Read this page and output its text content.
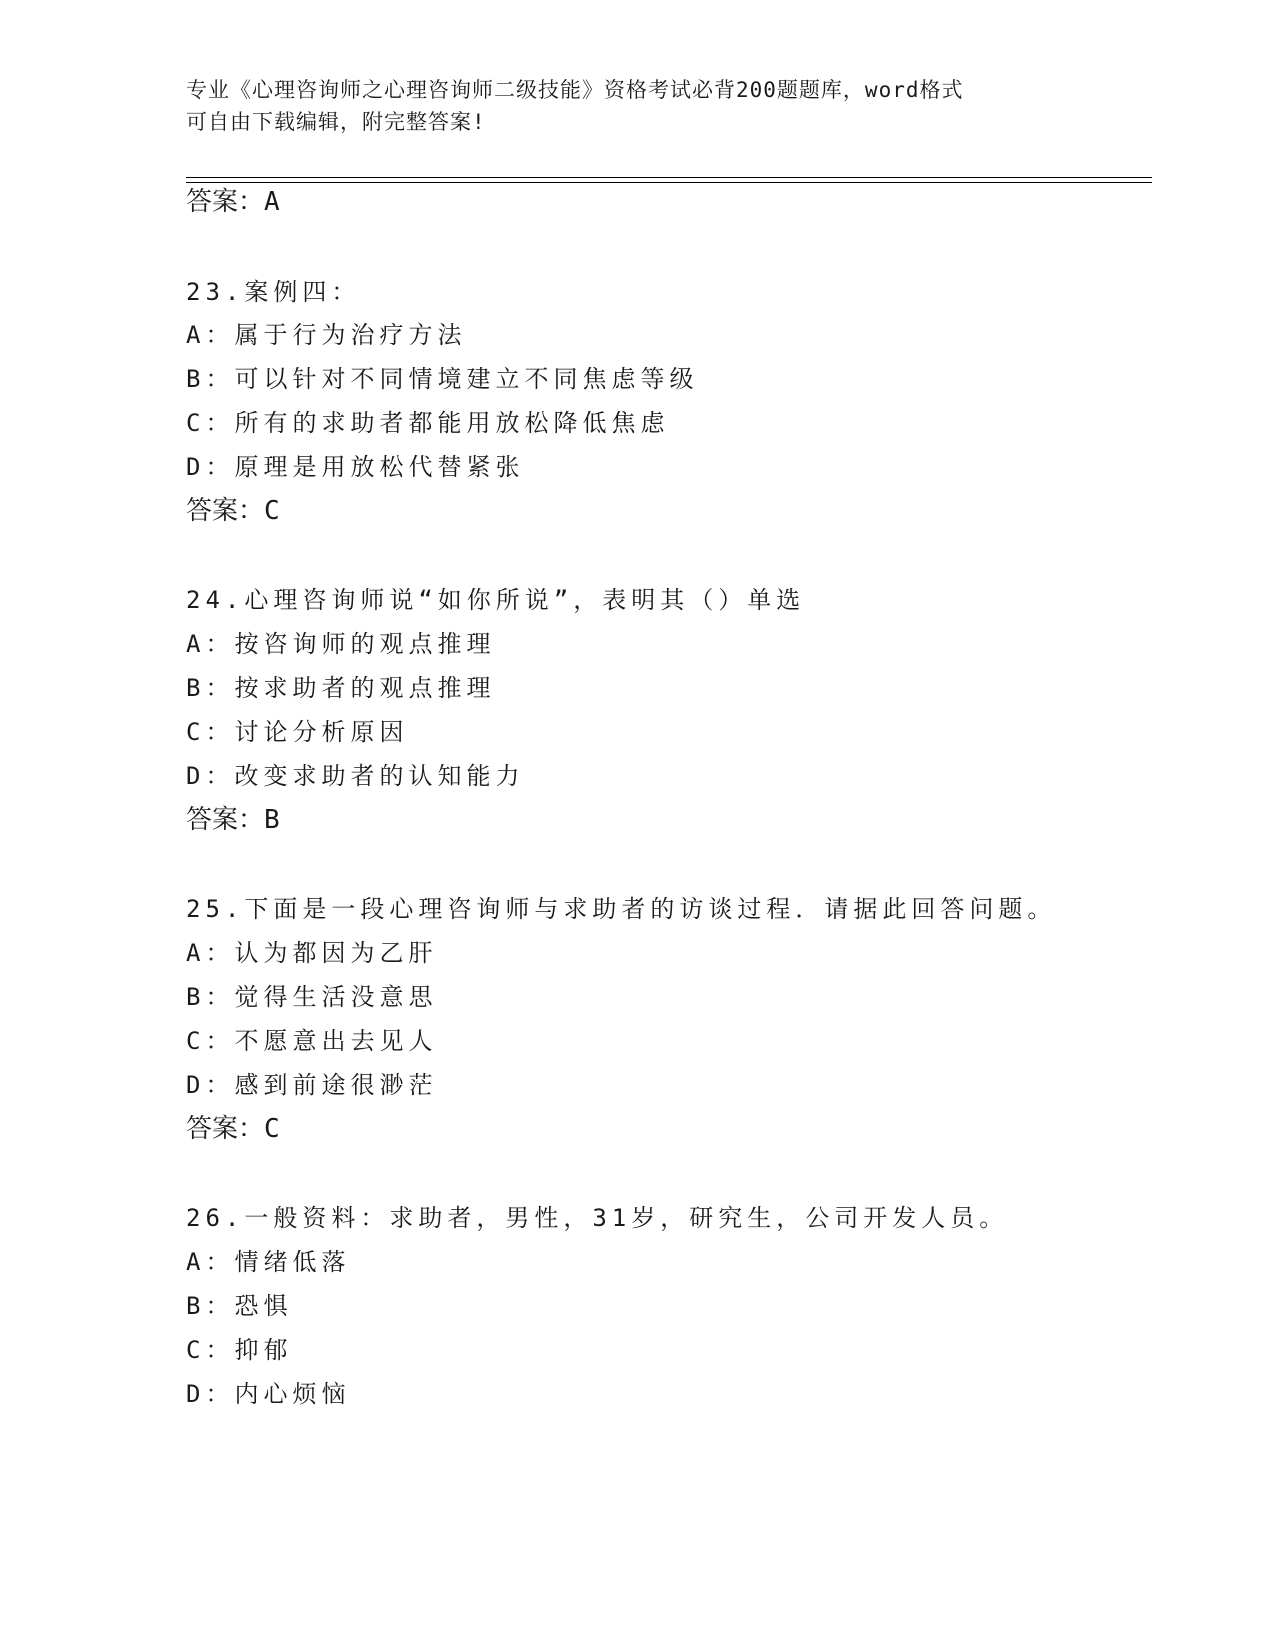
专业《心理咨询师之心理咨询师二级技能》资格考试必背200题题库，word格式
可自由下载编辑，附完整答案!
答案：A
23.案例四：
A：属于行为治疗方法
B：可以针对不同情境建立不同焦虑等级
C：所有的求助者都能用放松降低焦虑
D：原理是用放松代替紧张
答案：C
24.心理咨询师说“如你所说”，表明其（）单选
A：按咨询师的观点推理
B：按求助者的观点推理
C：讨论分析原因
D：改变求助者的认知能力
答案：B
25.下面是一段心理咨询师与求助者的访谈过程．请据此回答问题。
A：认为都因为乙肝
B：觉得生活没意思
C：不愿意出去见人
D：感到前途很渺茫
答案：C
26.一般资料：求助者，男性，31岁，研究生，公司开发人员。
A：情绪低落
B：恐惧
C：抑郁
D：内心烦恼
